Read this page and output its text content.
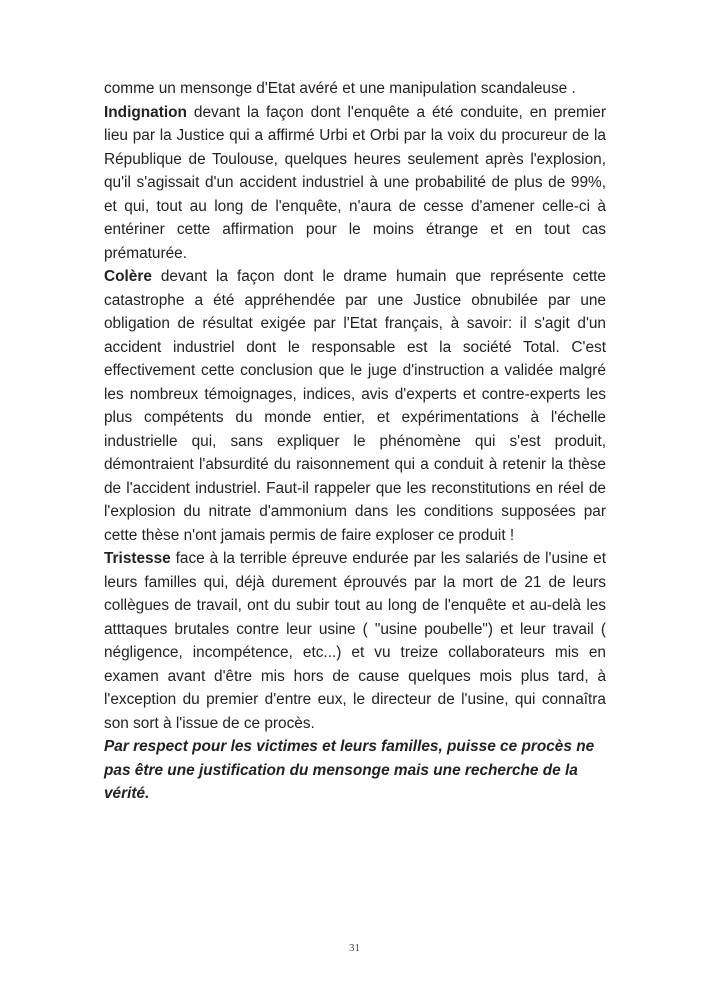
comme un mensonge d'Etat avéré et une manipulation scandaleuse .

Indignation devant la façon dont l'enquête a été conduite, en premier lieu par la Justice qui a affirmé Urbi et Orbi par la voix du procureur de la République de Toulouse, quelques heures seulement après l'explosion, qu'il s'agissait d'un accident industriel à une probabilité de plus de 99%, et qui, tout au long de l'enquête, n'aura de cesse d'amener celle-ci à entériner cette affirmation pour le moins étrange et en tout cas prématurée.

Colère devant la façon dont le drame humain que représente cette catastrophe a été appréhendée par une Justice obnubilée par une obligation de résultat exigée par l'Etat français, à savoir: il s'agit d'un accident industriel dont le responsable est la société Total. C'est effectivement cette conclusion que le juge d'instruction a validée malgré les nombreux témoignages, indices, avis d'experts et contre-experts les plus compétents du monde entier, et expérimentations à l'échelle industrielle qui, sans expliquer le phénomène qui s'est produit, démontraient l'absurdité du raisonnement qui a conduit à retenir la thèse de l'accident industriel. Faut-il rappeler que les reconstitutions en réel de l'explosion du nitrate d'ammonium dans les conditions supposées par cette thèse n'ont jamais permis de faire exploser ce produit !

Tristesse face à la terrible épreuve endurée par les salariés de l'usine et leurs familles qui, déjà durement éprouvés par la mort de 21 de leurs collègues de travail, ont du subir tout au long de l'enquête et au-delà les atttaques brutales contre leur usine ( "usine poubelle") et leur travail ( négligence, incompétence, etc...) et vu treize collaborateurs mis en examen avant d'être mis hors de cause quelques mois plus tard, à l'exception du premier d'entre eux, le directeur de l'usine, qui connaîtra son sort à l'issue de ce procès.

Par respect pour les victimes et leurs familles, puisse ce procès ne pas être une justification du mensonge mais une recherche de la vérité.

31
